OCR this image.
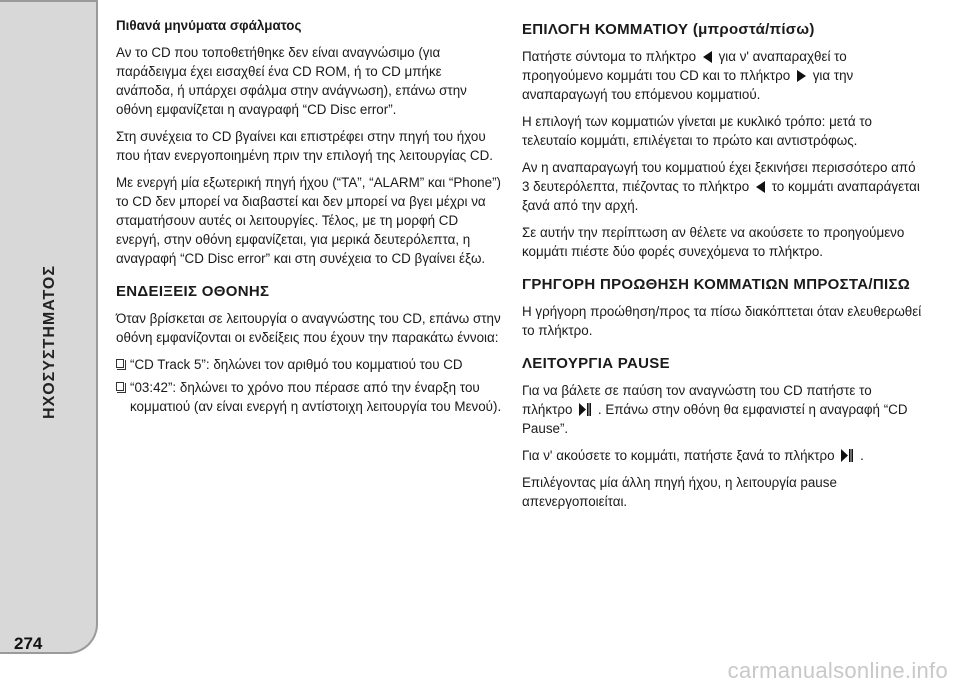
ΗΧΟΣΥΣΤΗΜΑΤΟΣ
274

Πιθανά μηνύματα σφάλματος

Αν το CD που τοποθετήθηκε δεν είναι αναγνώσιμο (για παράδειγμα έχει εισαχθεί ένα CD ROM, ή το CD μπήκε ανάποδα, ή υπάρχει σφάλμα στην ανάγνωση), επάνω στην οθόνη εμφανίζεται η αναγραφή “CD Disc error”.

Στη συνέχεια το CD βγαίνει και επιστρέφει στην πηγή του ήχου που ήταν ενεργοποιημένη πριν την επιλογή της λειτουργίας CD.

Με ενεργή μία εξωτερική πηγή ήχου (“TA”, “ALARM” και “Phone”) το CD δεν μπορεί να διαβαστεί και δεν μπορεί να βγει μέχρι να σταματήσουν αυτές οι λειτουργίες. Τέλος, με τη μορφή CD ενεργή, στην οθόνη εμφανίζεται, για μερικά δευτερόλεπτα, η αναγραφή “CD Disc error” και στη συνέχεια το CD βγαίνει έξω.

ΕΝΔΕΙΞΕΙΣ ΟΘΟΝΗΣ

Όταν βρίσκεται σε λειτουργία ο αναγνώστης του CD, επάνω στην οθόνη εμφανίζονται οι ενδείξεις που έχουν την παρακάτω έννοια:

“CD Track 5”: δηλώνει τον αριθμό του κομματιού του CD
“03:42”: δηλώνει το χρόνο που πέρασε από την έναρξη του κομματιού (αν είναι ενεργή η αντίστοιχη λειτουργία του Μενού).

ΕΠΙΛΟΓΗ ΚΟΜΜΑΤΙΟΥ (μπροστά/πίσω)

Πατήστε σύντομα το πλήκτρο για ν' αναπαραχθεί το προηγούμενο κομμάτι του CD και το πλήκτρο για την αναπαραγωγή του επόμενου κομματιού.

Η επιλογή των κομματιών γίνεται με κυκλικό τρόπο: μετά το τελευταίο κομμάτι, επιλέγεται το πρώτο και αντιστρόφως.

Αν η αναπαραγωγή του κομματιού έχει ξεκινήσει περισσότερο από 3 δευτερόλεπτα, πιέζοντας το πλήκτρο το κομμάτι αναπαράγεται ξανά από την αρχή.

Σε αυτήν την περίπτωση αν θέλετε να ακούσετε το προηγούμενο κομμάτι πιέστε δύο φορές συνεχόμενα το πλήκτρο.

ΓΡΗΓΟΡΗ ΠΡΟΩΘΗΣΗ ΚΟΜΜΑΤΙΩΝ ΜΠΡΟΣΤΑ/ΠΙΣΩ

Η γρήγορη προώθηση/προς τα πίσω διακόπτεται όταν ελευθερωθεί το πλήκτρο.

ΛΕΙΤΟΥΡΓΙΑ PAUSE

Για να βάλετε σε παύση τον αναγνώστη του CD πατήστε το πλήκτρο . Επάνω στην οθόνη θα εμφανιστεί η αναγραφή “CD Pause”.

Για ν' ακούσετε το κομμάτι, πατήστε ξανά το πλήκτρο .

Επιλέγοντας μία άλλη πηγή ήχου, η λειτουργία pause απενεργοποιείται.

carmanualsonline.info
